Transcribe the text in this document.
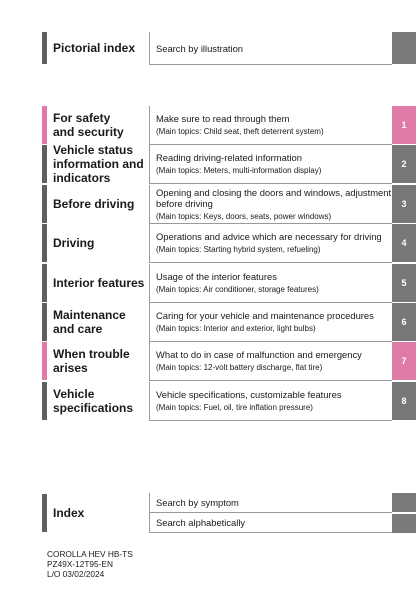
Pictorial index Search by illustration
For safety
and security
Make sure to read through them
(Main topics: Child seat, theft deterrent system)
1
Vehicle status
information and
indicators
Reading driving-related information
(Main topics: Meters, multi-information display)
2
Before driving
Opening and closing the doors and windows, adjustment before driving
(Main topics: Keys, doors, seats, power windows)
3
Driving	Operations and advice which are necessary for driving
(Main topics: Starting hybrid system, refueling)
4
Interior features Usage of the interior features
(Main topics: Air conditioner, storage features)
5
Maintenance
and care
Caring for your vehicle and maintenance procedures
(Main topics: Interior and exterior, light bulbs)
6
When trouble
arises
What to do in case of malfunction and emergency
(Main topics: 12-volt battery discharge, flat tire)
7
Vehicle
specifications
Vehicle specifications, customizable features
(Main topics: Fuel, oil, tire inflation pressure)
8
Index
Search by symptom
Search alphabetically
COROLLA HEV HB-TS
PZ49X-12T95-EN
L/O 03/02/2024
